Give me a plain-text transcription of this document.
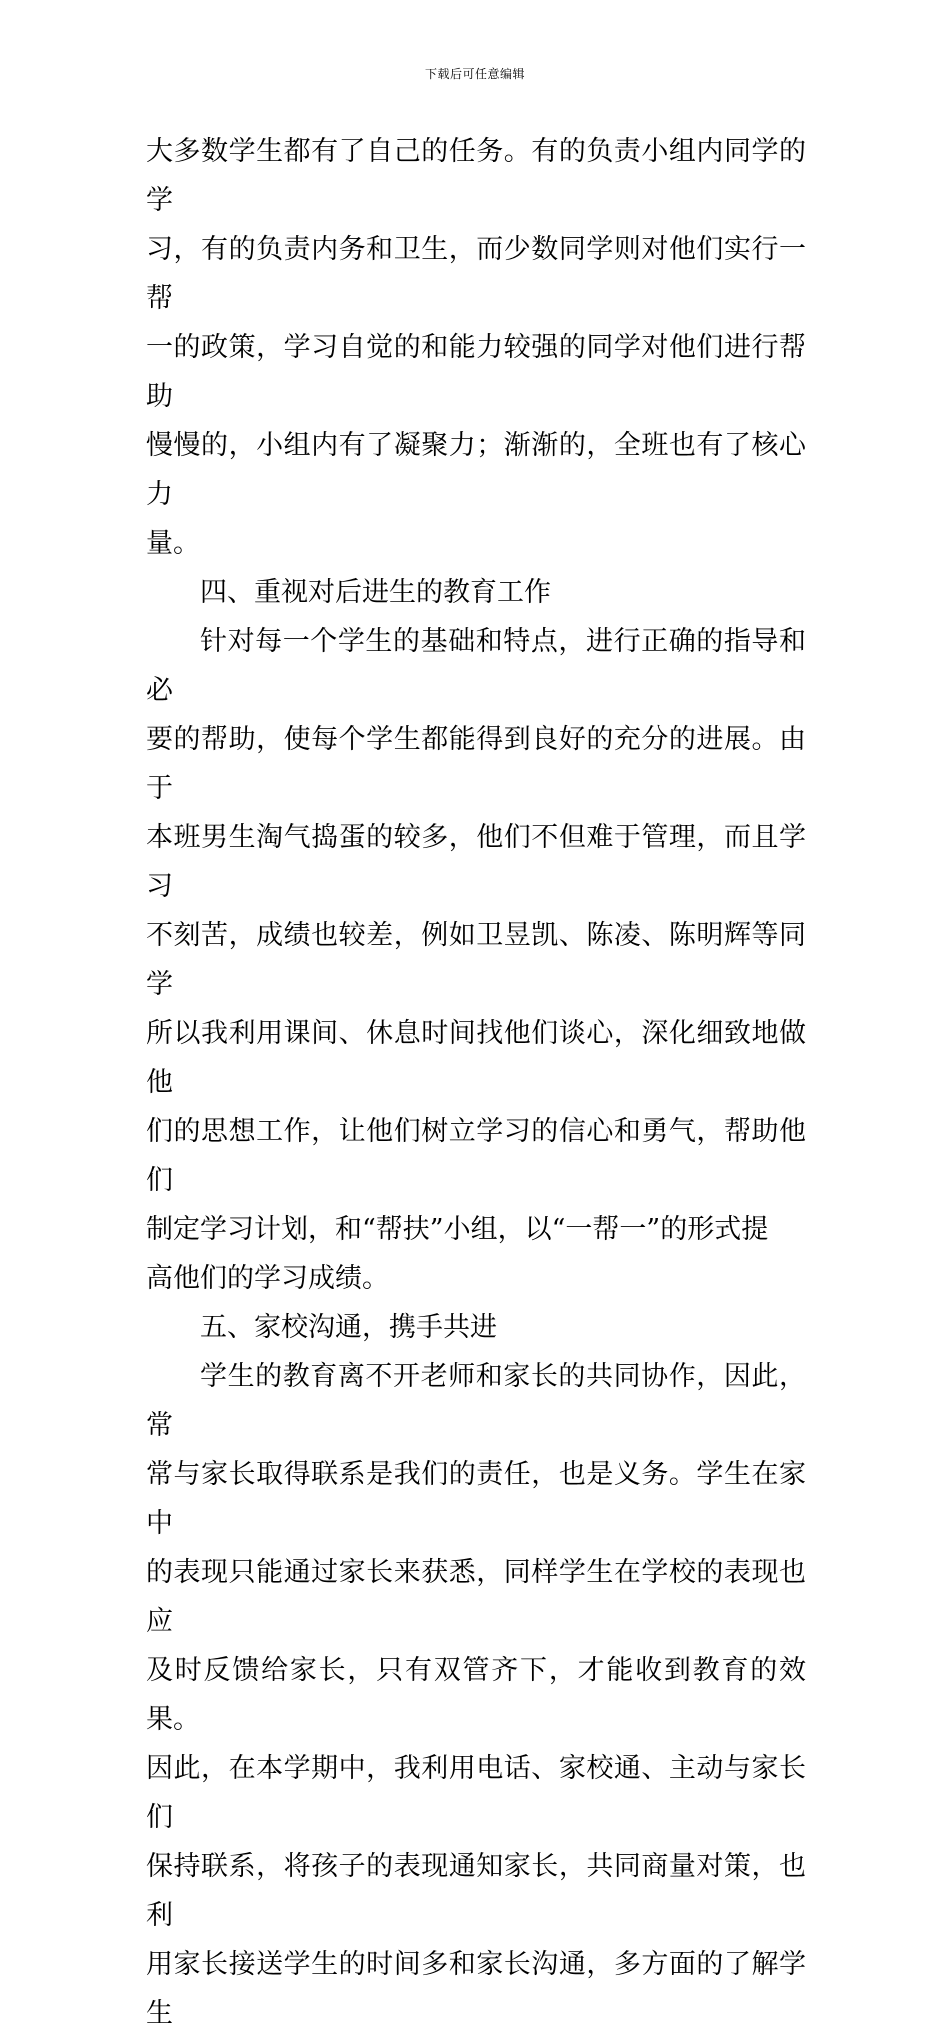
下载后可任意编辑
大多数学生都有了自己的任务。有的负责小组内同学的学
习，有的负责内务和卫生，而少数同学则对他们实行一帮
一的政策，学习自觉的和能力较强的同学对他们进行帮助
慢慢的，小组内有了凝聚力；渐渐的，全班也有了核心力
量。
四、重视对后进生的教育工作
针对每一个学生的基础和特点，进行正确的指导和必
要的帮助，使每个学生都能得到良好的充分的进展。由于
本班男生淘气捣蛋的较多，他们不但难于管理，而且学习
不刻苦，成绩也较差，例如卫昱凯、陈凌、陈明辉等同学
所以我利用课间、休息时间找他们谈心，深化细致地做他
们的思想工作，让他们树立学习的信心和勇气，帮助他们
制定学习计划，和“帮扶”小组，以“一帮一”的形式提
高他们的学习成绩。
五、家校沟通，携手共进
学生的教育离不开老师和家长的共同协作，因此，常
常与家长取得联系是我们的责任，也是义务。学生在家中
的表现只能通过家长来获悉，同样学生在学校的表现也应
及时反馈给家长，只有双管齐下，才能收到教育的效果。
因此，在本学期中，我利用电话、家校通、主动与家长们
保持联系，将孩子的表现通知家长，共同商量对策，也利
用家长接送学生的时间多和家长沟通，多方面的了解学生
